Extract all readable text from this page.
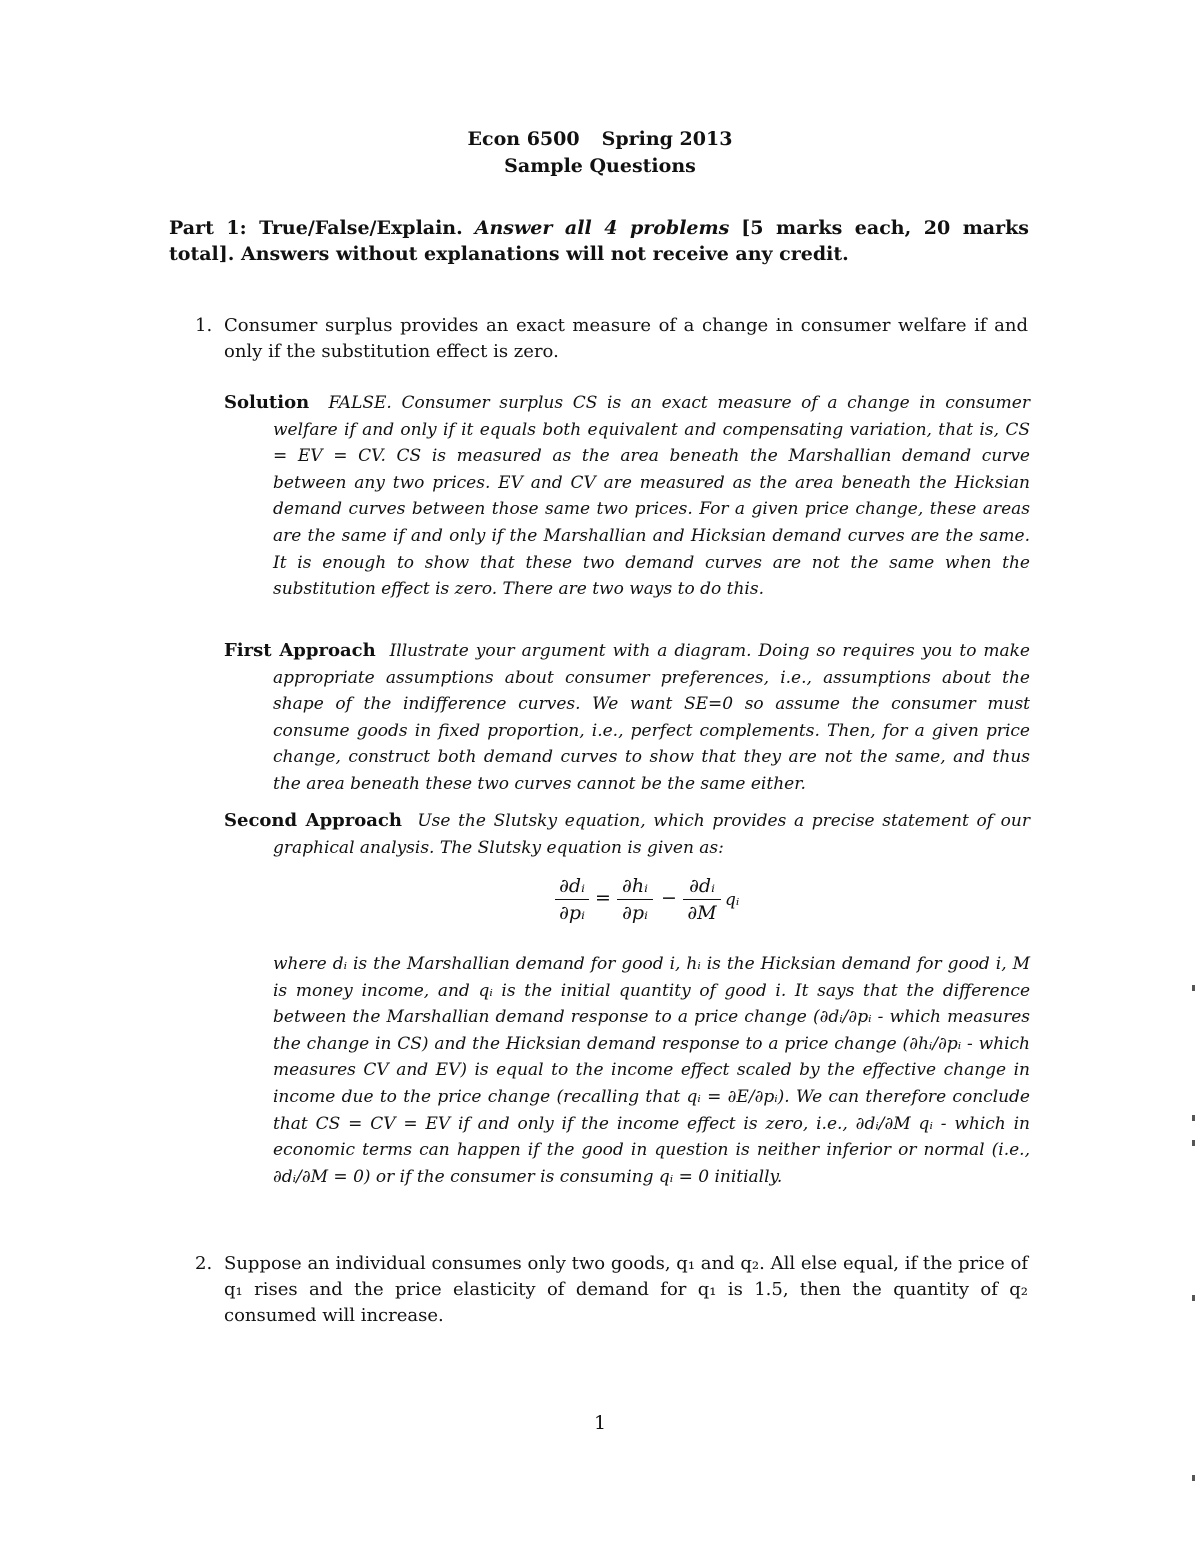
Econ 6500 Spring 2013
Sample Questions
Part 1: True/False/Explain. Answer all 4 problems [5 marks each, 20 marks total]. Answers without explanations will not receive any credit.
1. Consumer surplus provides an exact measure of a change in consumer welfare if and only if the substitution effect is zero.
Solution FALSE. Consumer surplus CS is an exact measure of a change in consumer welfare if and only if it equals both equivalent and compensating variation, that is, CS = EV = CV. CS is measured as the area beneath the Marshallian demand curve between any two prices. EV and CV are measured as the area beneath the Hicksian demand curves between those same two prices. For a given price change, these areas are the same if and only if the Marshallian and Hicksian demand curves are the same. It is enough to show that these two demand curves are not the same when the substitution effect is zero. There are two ways to do this.
First Approach Illustrate your argument with a diagram. Doing so requires you to make appropriate assumptions about consumer preferences, i.e., assumptions about the shape of the indifference curves. We want SE=0 so assume the consumer must consume goods in fixed proportion, i.e., perfect complements. Then, for a given price change, construct both demand curves to show that they are not the same, and thus the area beneath these two curves cannot be the same either.
Second Approach Use the Slutsky equation, which provides a precise statement of our graphical analysis. The Slutsky equation is given as:
∂dᵢ
∂pᵢ
=
∂hᵢ
∂pᵢ
−
∂dᵢ
∂M
qᵢ
where dᵢ is the Marshallian demand for good i, hᵢ is the Hicksian demand for good i, M is money income, and qᵢ is the initial quantity of good i. It says that the difference between the Marshallian demand response to a price change (∂dᵢ/∂pᵢ - which measures the change in CS) and the Hicksian demand response to a price change (∂hᵢ/∂pᵢ - which measures CV and EV) is equal to the income effect scaled by the effective change in income due to the price change (recalling that qᵢ = ∂E/∂pᵢ). We can therefore conclude that CS = CV = EV if and only if the income effect is zero, i.e., ∂dᵢ/∂M qᵢ - which in economic terms can happen if the good in question is neither inferior or normal (i.e., ∂dᵢ/∂M = 0) or if the consumer is consuming qᵢ = 0 initially.
2. Suppose an individual consumes only two goods, q₁ and q₂. All else equal, if the price of q₁ rises and the price elasticity of demand for q₁ is 1.5, then the quantity of q₂ consumed will increase.
1
